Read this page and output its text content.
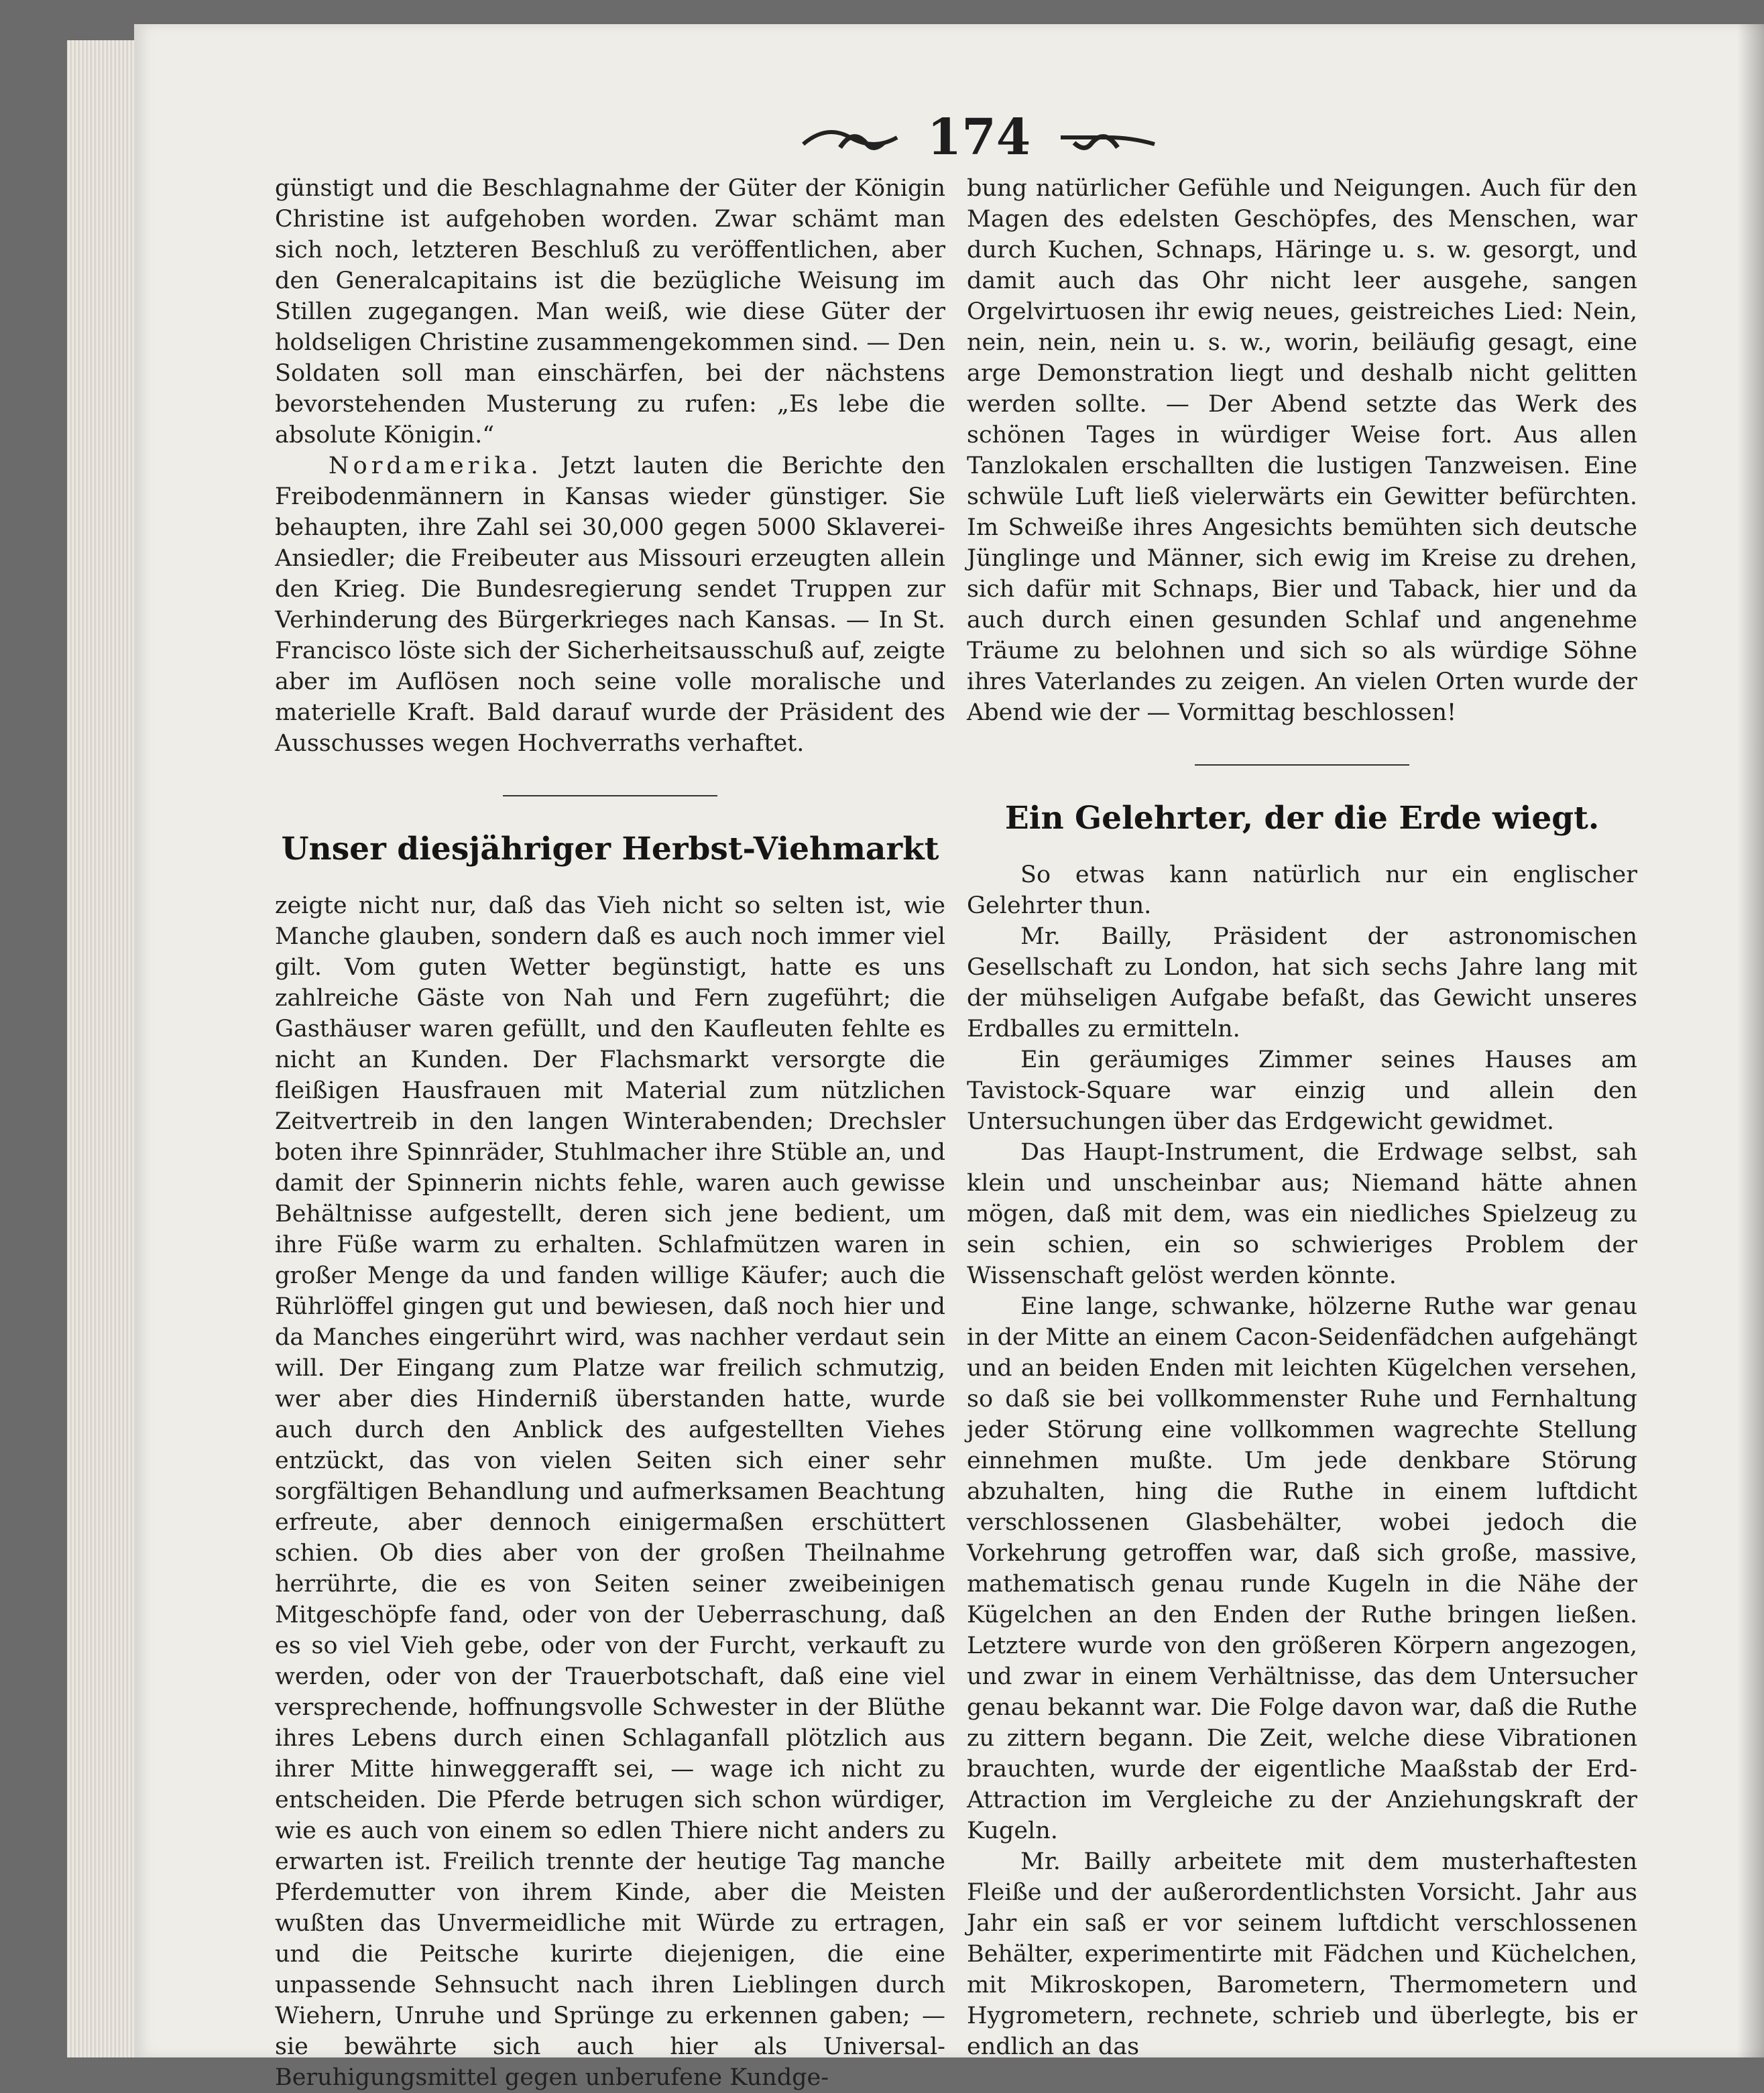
174

günstigt und die Beschlagnahme der Güter der Königin Christine ist aufgehoben worden. Zwar schämt man sich noch, letzteren Beschluß zu veröffentlichen, aber den Generalcapitains ist die bezügliche Weisung im Stillen zugegangen. Man weiß, wie diese Güter der holdseligen Christine zusammengekommen sind. — Den Soldaten soll man einschärfen, bei der nächstens bevorstehenden Musterung zu rufen: „Es lebe die absolute Königin.“

Nordamerika. Jetzt lauten die Berichte den Freibodenmännern in Kansas wieder günstiger. Sie behaupten, ihre Zahl sei 30,000 gegen 5000 Sklaverei-Ansiedler; die Freibeuter aus Missouri erzeugten allein den Krieg. Die Bundesregierung sendet Truppen zur Verhinderung des Bürgerkrieges nach Kansas. — In St. Francisco löste sich der Sicherheitsausschuß auf, zeigte aber im Auflösen noch seine volle moralische und materielle Kraft. Bald darauf wurde der Präsident des Ausschusses wegen Hochverraths verhaftet.

Unser diesjähriger Herbst-Viehmarkt

zeigte nicht nur, daß das Vieh nicht so selten ist, wie Manche glauben, sondern daß es auch noch immer viel gilt. Vom guten Wetter begünstigt, hatte es uns zahlreiche Gäste von Nah und Fern zugeführt; die Gasthäuser waren gefüllt, und den Kaufleuten fehlte es nicht an Kunden. Der Flachsmarkt versorgte die fleißigen Hausfrauen mit Material zum nützlichen Zeitvertreib in den langen Winterabenden; Drechsler boten ihre Spinnräder, Stuhlmacher ihre Stüble an, und damit der Spinnerin nichts fehle, waren auch gewisse Behältnisse aufgestellt, deren sich jene bedient, um ihre Füße warm zu erhalten. Schlafmützen waren in großer Menge da und fanden willige Käufer; auch die Rührlöffel gingen gut und bewiesen, daß noch hier und da Manches eingerührt wird, was nachher verdaut sein will. Der Eingang zum Platze war freilich schmutzig, wer aber dies Hinderniß überstanden hatte, wurde auch durch den Anblick des aufgestellten Viehes entzückt, das von vielen Seiten sich einer sehr sorgfältigen Behandlung und aufmerksamen Beachtung erfreute, aber dennoch einigermaßen erschüttert schien. Ob dies aber von der großen Theilnahme herrührte, die es von Seiten seiner zweibeinigen Mitgeschöpfe fand, oder von der Ueberraschung, daß es so viel Vieh gebe, oder von der Furcht, verkauft zu werden, oder von der Trauerbotschaft, daß eine viel versprechende, hoffnungsvolle Schwester in der Blüthe ihres Lebens durch einen Schlaganfall plötzlich aus ihrer Mitte hinweggerafft sei, — wage ich nicht zu entscheiden. Die Pferde betrugen sich schon würdiger, wie es auch von einem so edlen Thiere nicht anders zu erwarten ist. Freilich trennte der heutige Tag manche Pferdemutter von ihrem Kinde, aber die Meisten wußten das Unvermeidliche mit Würde zu ertragen, und die Peitsche kurirte diejenigen, die eine unpassende Sehnsucht nach ihren Lieblingen durch Wiehern, Unruhe und Sprünge zu erkennen gaben; — sie bewährte sich auch hier als Universal-Beruhigungsmittel gegen unberufene Kundge-

bung natürlicher Gefühle und Neigungen. Auch für den Magen des edelsten Geschöpfes, des Menschen, war durch Kuchen, Schnaps, Häringe u. s. w. gesorgt, und damit auch das Ohr nicht leer ausgehe, sangen Orgelvirtuosen ihr ewig neues, geistreiches Lied: Nein, nein, nein, nein u. s. w., worin, beiläufig gesagt, eine arge Demonstration liegt und deshalb nicht gelitten werden sollte. — Der Abend setzte das Werk des schönen Tages in würdiger Weise fort. Aus allen Tanzlokalen erschallten die lustigen Tanzweisen. Eine schwüle Luft ließ vielerwärts ein Gewitter befürchten. Im Schweiße ihres Angesichts bemühten sich deutsche Jünglinge und Männer, sich ewig im Kreise zu drehen, sich dafür mit Schnaps, Bier und Taback, hier und da auch durch einen gesunden Schlaf und angenehme Träume zu belohnen und sich so als würdige Söhne ihres Vaterlandes zu zeigen. An vielen Orten wurde der Abend wie der — Vormittag beschlossen!

Ein Gelehrter, der die Erde wiegt.

So etwas kann natürlich nur ein englischer Gelehrter thun.

Mr. Bailly, Präsident der astronomischen Gesellschaft zu London, hat sich sechs Jahre lang mit der mühseligen Aufgabe befaßt, das Gewicht unseres Erdballes zu ermitteln.

Ein geräumiges Zimmer seines Hauses am Tavistock-Square war einzig und allein den Untersuchungen über das Erdgewicht gewidmet.

Das Haupt-Instrument, die Erdwage selbst, sah klein und unscheinbar aus; Niemand hätte ahnen mögen, daß mit dem, was ein niedliches Spielzeug zu sein schien, ein so schwieriges Problem der Wissenschaft gelöst werden könnte.

Eine lange, schwanke, hölzerne Ruthe war genau in der Mitte an einem Cacon-Seidenfädchen aufgehängt und an beiden Enden mit leichten Kügelchen versehen, so daß sie bei vollkommenster Ruhe und Fernhaltung jeder Störung eine vollkommen wagrechte Stellung einnehmen mußte. Um jede denkbare Störung abzuhalten, hing die Ruthe in einem luftdicht verschlossenen Glasbehälter, wobei jedoch die Vorkehrung getroffen war, daß sich große, massive, mathematisch genau runde Kugeln in die Nähe der Kügelchen an den Enden der Ruthe bringen ließen. Letztere wurde von den größeren Körpern angezogen, und zwar in einem Verhältnisse, das dem Untersucher genau bekannt war. Die Folge davon war, daß die Ruthe zu zittern begann. Die Zeit, welche diese Vibrationen brauchten, wurde der eigentliche Maaßstab der Erd-Attraction im Vergleiche zu der Anziehungskraft der Kugeln.

Mr. Bailly arbeitete mit dem musterhaftesten Fleiße und der außerordentlichsten Vorsicht. Jahr aus Jahr ein saß er vor seinem luftdicht verschlossenen Behälter, experimentirte mit Fädchen und Küchelchen, mit Mikroskopen, Barometern, Thermometern und Hygrometern, rechnete, schrieb und überlegte, bis er endlich an das
